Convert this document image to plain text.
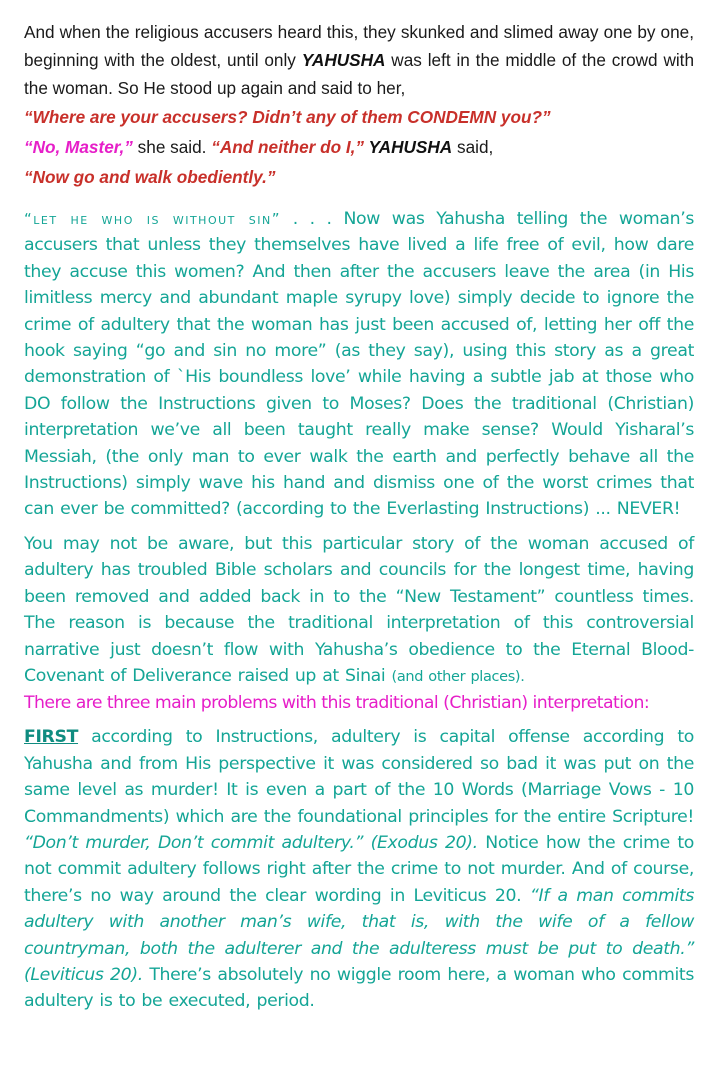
And when the religious accusers heard this, they skunked and slimed away one by one, beginning with the oldest, until only YAHUSHA was left in the middle of the crowd with the woman. So He stood up again and said to her,

“Where are your accusers? Didn’t any of them CONDEMN you?”

“No, Master,” she said. “And neither do I,” YAHUSHA said,

“Now go and walk obediently.”

“let he who is without sin” . . . Now was Yahusha telling the woman’s accusers that unless they themselves have lived a life free of evil, how dare they accuse this women? And then after the accusers leave the area (in His limitless mercy and abundant maple syrupy love) simply decide to ignore the crime of adultery that the woman has just been accused of, letting her off the hook saying “go and sin no more” (as they say), using this story as a great demonstration of `His boundless love’ while having a subtle jab at those who DO follow the Instructions given to Moses? Does the traditional (Christian) interpretation we’ve all been taught really make sense? Would Yisharal’s Messiah, (the only man to ever walk the earth and perfectly behave all the Instructions) simply wave his hand and dismiss one of the worst crimes that can ever be committed? (according to the Everlasting Instructions) ... NEVER!

You may not be aware, but this particular story of the woman accused of adultery has troubled Bible scholars and councils for the longest time, having been removed and added back in to the “New Testament” countless times. The reason is because the traditional interpretation of this controversial narrative just doesn’t flow with Yahusha’s obedience to the Eternal Blood-Covenant of Deliverance raised up at Sinai (and other places).

There are three main problems with this traditional (Christian) interpretation:

FIRST according to Instructions, adultery is capital offense according to Yahusha and from His perspective it was considered so bad it was put on the same level as murder! It is even a part of the 10 Words (Marriage Vows - 10 Commandments) which are the foundational principles for the entire Scripture! “Don’t murder, Don’t commit adultery.” (Exodus 20). Notice how the crime to not commit adultery follows right after the crime to not murder. And of course, there’s no way around the clear wording in Leviticus 20. “If a man commits adultery with another man’s wife, that is, with the wife of a fellow countryman, both the adulterer and the adulteress must be put to death.” (Leviticus 20). There’s absolutely no wiggle room here, a woman who commits adultery is to be executed, period.
